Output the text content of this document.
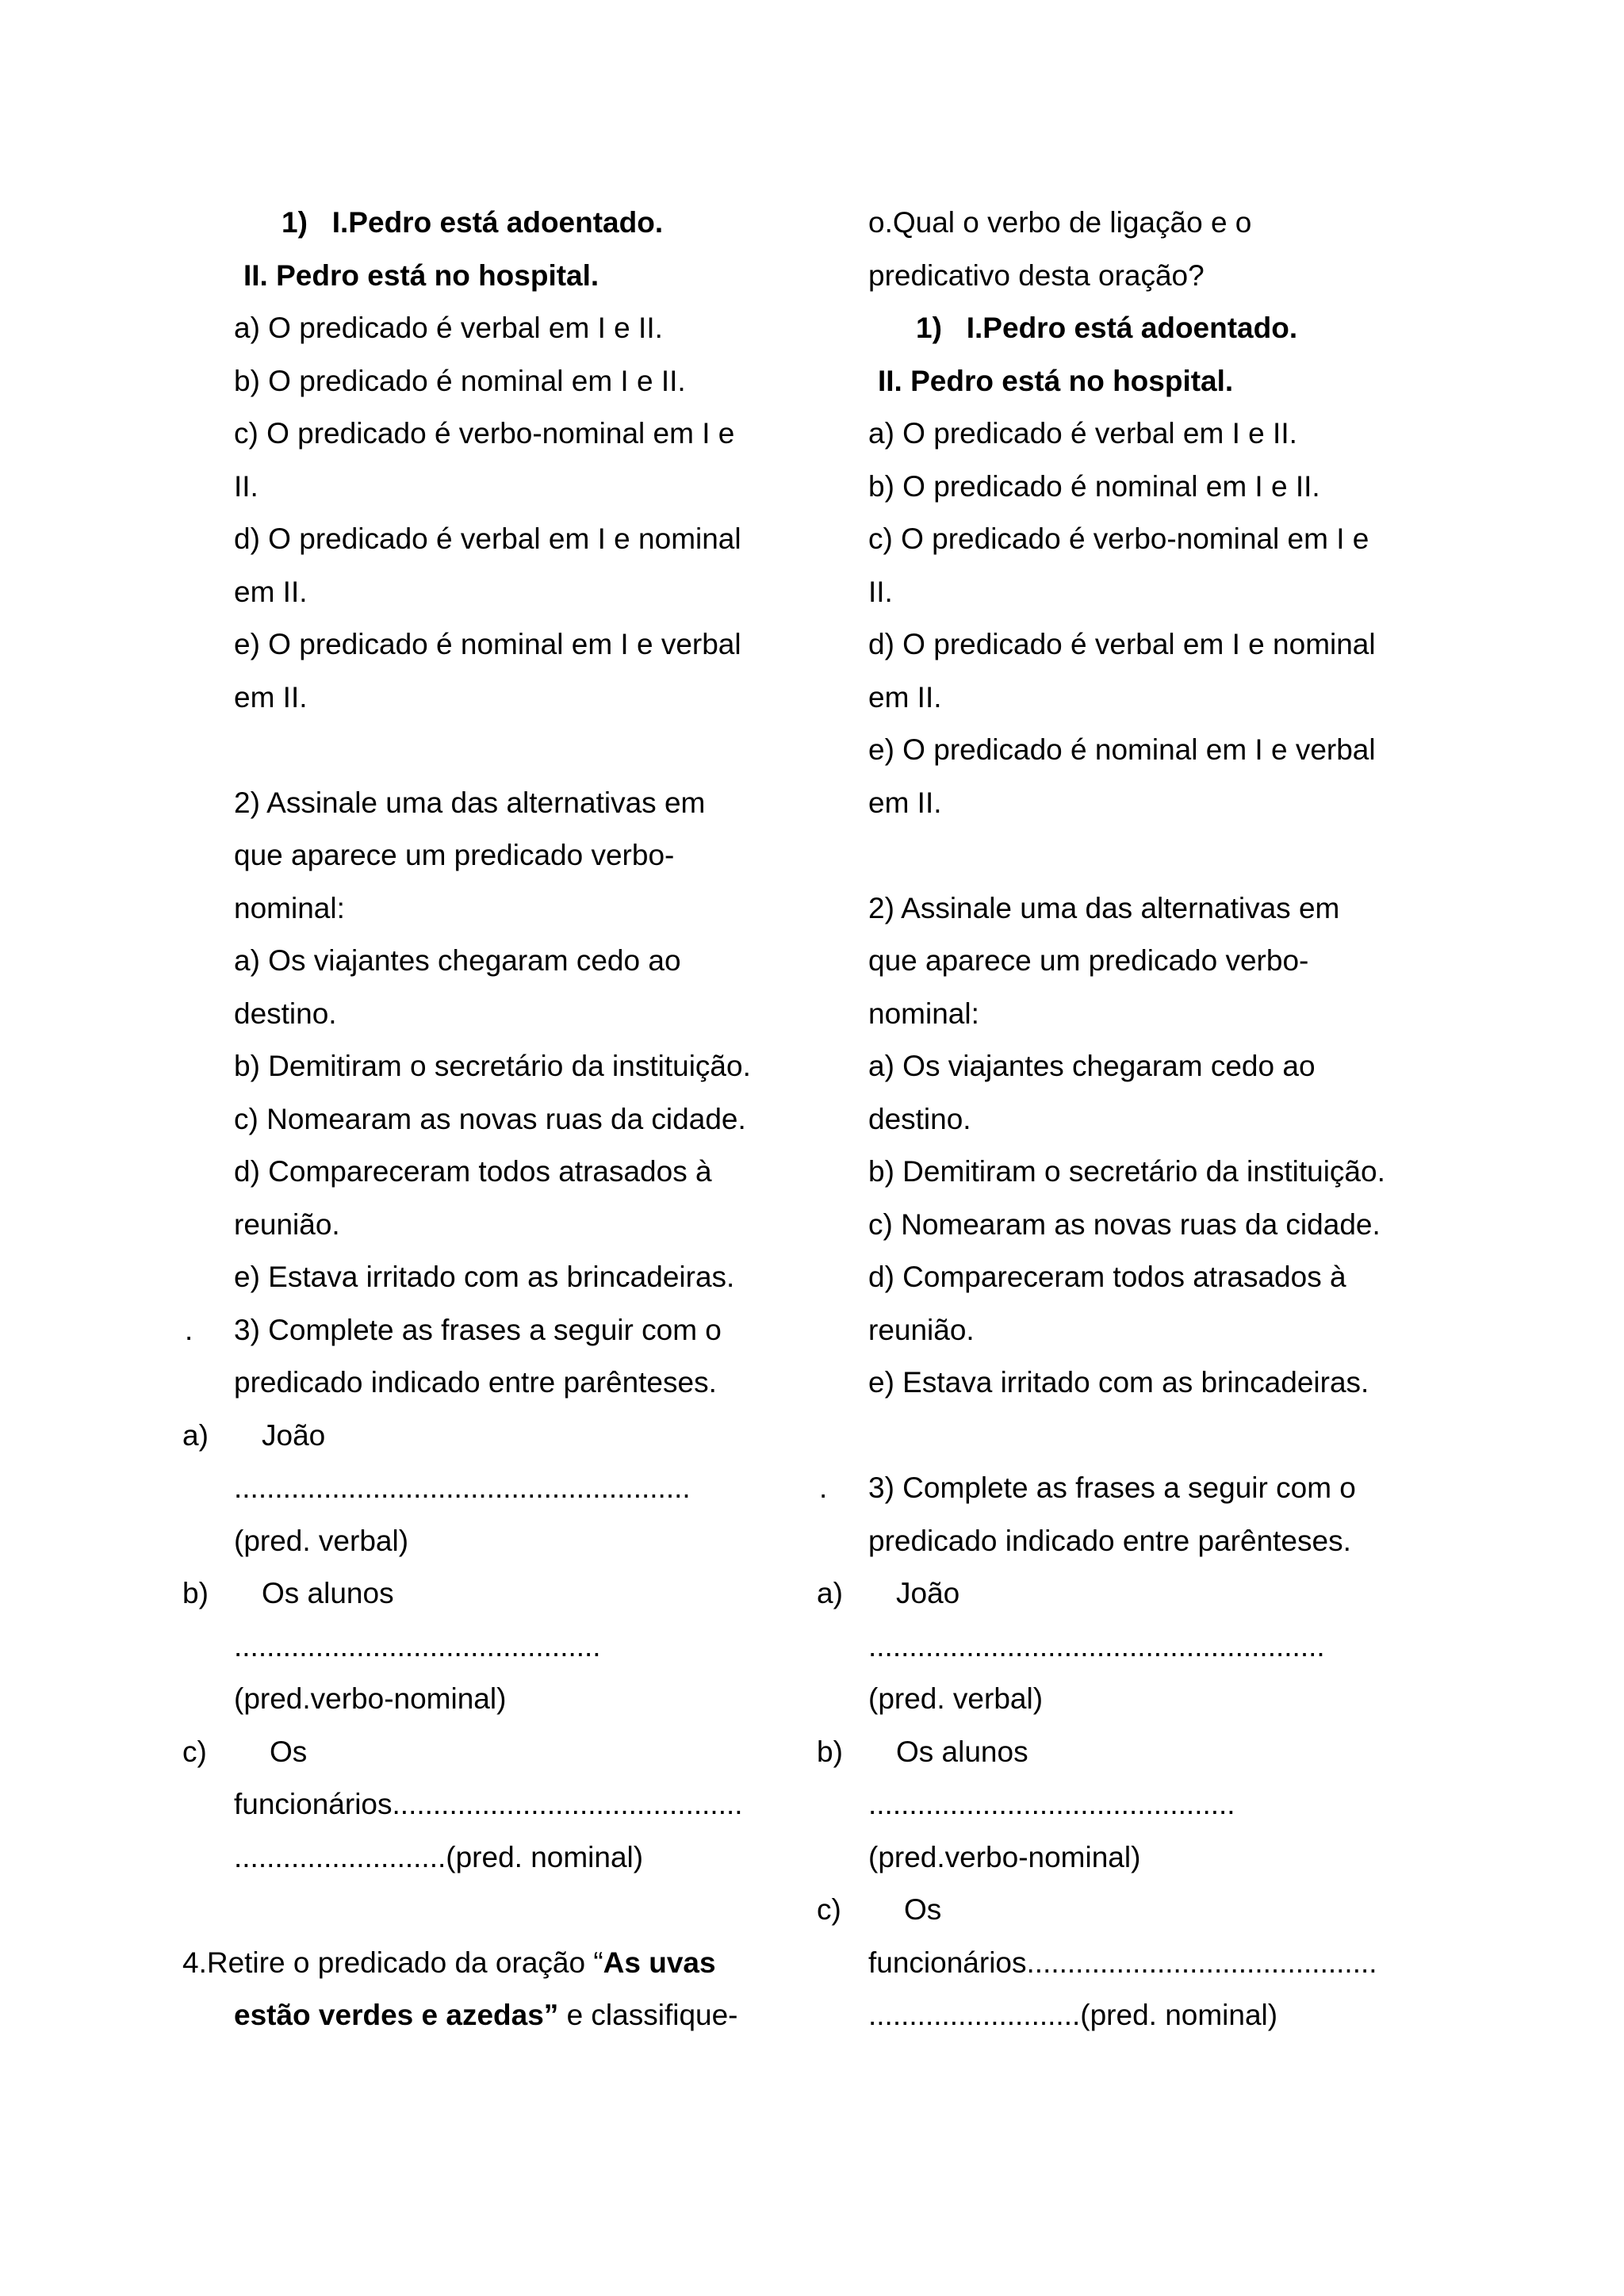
1) I.Pedro está adoentado.
II. Pedro está no hospital.
a) O predicado é verbal em I e II.
b) O predicado é nominal em I e II.
c) O predicado é verbo-nominal em I e
II.
d) O predicado é verbal em I e nominal
em II.
e) O predicado é nominal em I e verbal
em II.
2) Assinale uma das alternativas em
que aparece um predicado verbo-
nominal:
a) Os viajantes chegaram cedo ao
destino.
b) Demitiram o secretário da instituição.
c) Nomearam as novas ruas da cidade.
d) Compareceram todos atrasados à
reunião.
e) Estava irritado com as brincadeiras.
. 3) Complete as frases a seguir com o
predicado indicado entre parênteses.
a) João
........................................................
(pred. verbal)
b) Os alunos
.............................................
(pred.verbo-nominal)
c) Os
funcionários...........................................
..........................(pred. nominal)
4.Retire o predicado da oração “As uvas
estão verdes e azedas” e classifique-
o.Qual o verbo de ligação e o
predicativo desta oração?
1) I.Pedro está adoentado.
II. Pedro está no hospital.
a) O predicado é verbal em I e II.
b) O predicado é nominal em I e II.
c) O predicado é verbo-nominal em I e
II.
d) O predicado é verbal em I e nominal
em II.
e) O predicado é nominal em I e verbal
em II.
2) Assinale uma das alternativas em
que aparece um predicado verbo-
nominal:
a) Os viajantes chegaram cedo ao
destino.
b) Demitiram o secretário da instituição.
c) Nomearam as novas ruas da cidade.
d) Compareceram todos atrasados à
reunião.
e) Estava irritado com as brincadeiras.
. 3) Complete as frases a seguir com o
predicado indicado entre parênteses.
a) João
........................................................
(pred. verbal)
b) Os alunos
.............................................
(pred.verbo-nominal)
c) Os
funcionários...........................................
..........................(pred. nominal)
